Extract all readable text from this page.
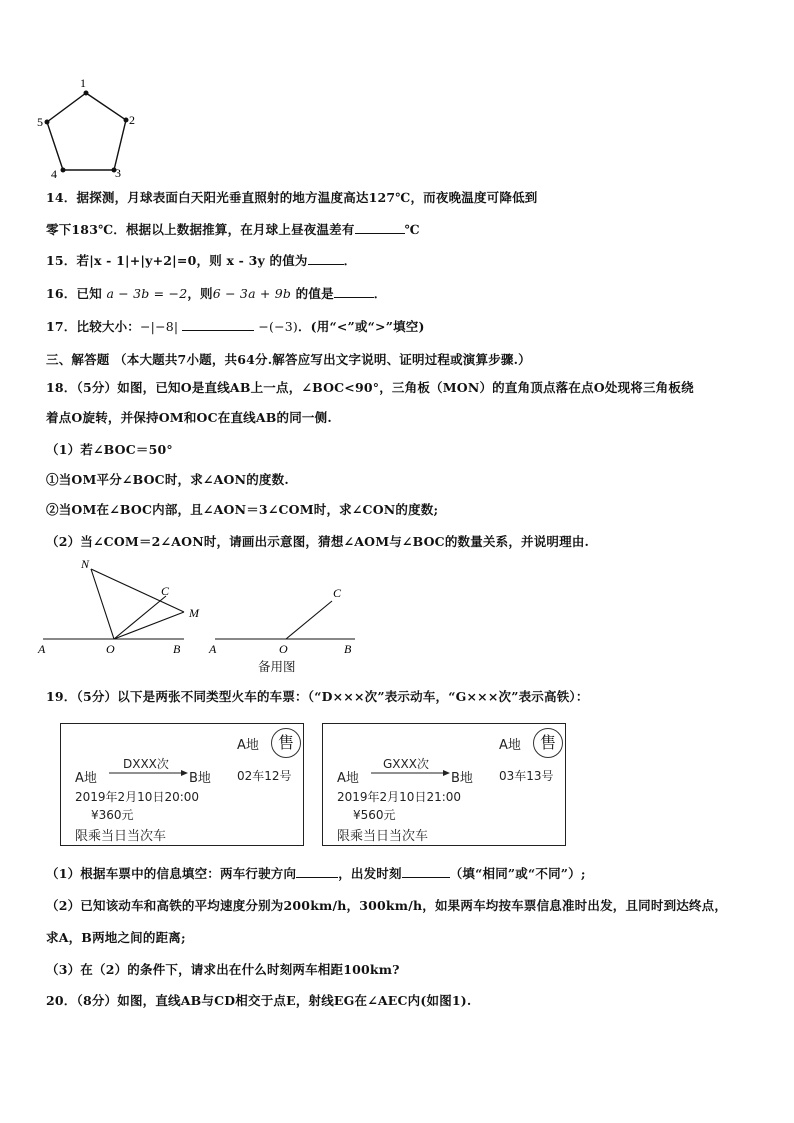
1
2
3
4
5
14．据探测，月球表面白天阳光垂直照射的地方温度高达127℃，而夜晚温度可降低到
零下183℃．根据以上数据推算，在月球上昼夜温差有	℃
15．若|x - 1|+|y+2|=0，则 x - 3y 的值为	．
16．已知 a − 3b = −2，则6 − 3a + 9b 的值是	．
17．比较大小：−|−8|	−(−3)．(用“<”或“>”填空)
三、解答题 （本大题共7小题，共64分.解答应写出文字说明、证明过程或演算步骤.）
18．（5分）如图，已知O是直线AB上一点，∠BOC<90°，三角板（MON）的直角顶点落在点O处现将三角板绕
着点O旋转，并保持OM和OC在直线AB的同一侧.
（1）若∠BOC＝50°
①当OM平分∠BOC时，求∠AON的度数.
②当OM在∠BOC内部，且∠AON＝3∠COM时，求∠CON的度数;
（2）当∠COM＝2∠AON时，请画出示意图，猜想∠AOM与∠BOC的数量关系，并说明理由.
N
C
M
A	O	B
C
A	O	B
备用图
19．（5分）以下是两张不同类型火车的车票：（“D×××次”表示动车，“G×××次”表示高铁）：
A地	售
DXXX次
A地	B地 02车12号
2019年2月10日20:00
¥360元
限乘当日当次车
A地	售
GXXX次
A地	B地 03车13号
2019年2月10日21:00
¥560元
限乘当日当次车
（1）根据车票中的信息填空：两车行驶方向	，出发时刻	（填“相同”或“不同”）;
（2）已知该动车和高铁的平均速度分别为200km/h，300km/h，如果两车均按车票信息准时出发，且同时到达终点，
求A，B两地之间的距离;
（3）在（2）的条件下，请求出在什么时刻两车相距100km?
20．（8分）如图，直线AB与CD相交于点E，射线EG在∠AEC内(如图1).
